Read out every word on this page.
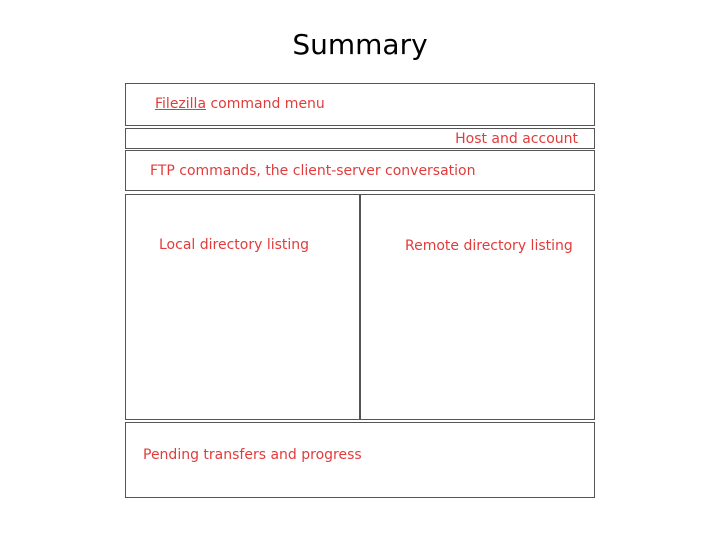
Summary
Filezilla command menu
Host and account
FTP commands, the client-server conversation
Local directory listing	Remote directory listing
Pending transfers and progress
